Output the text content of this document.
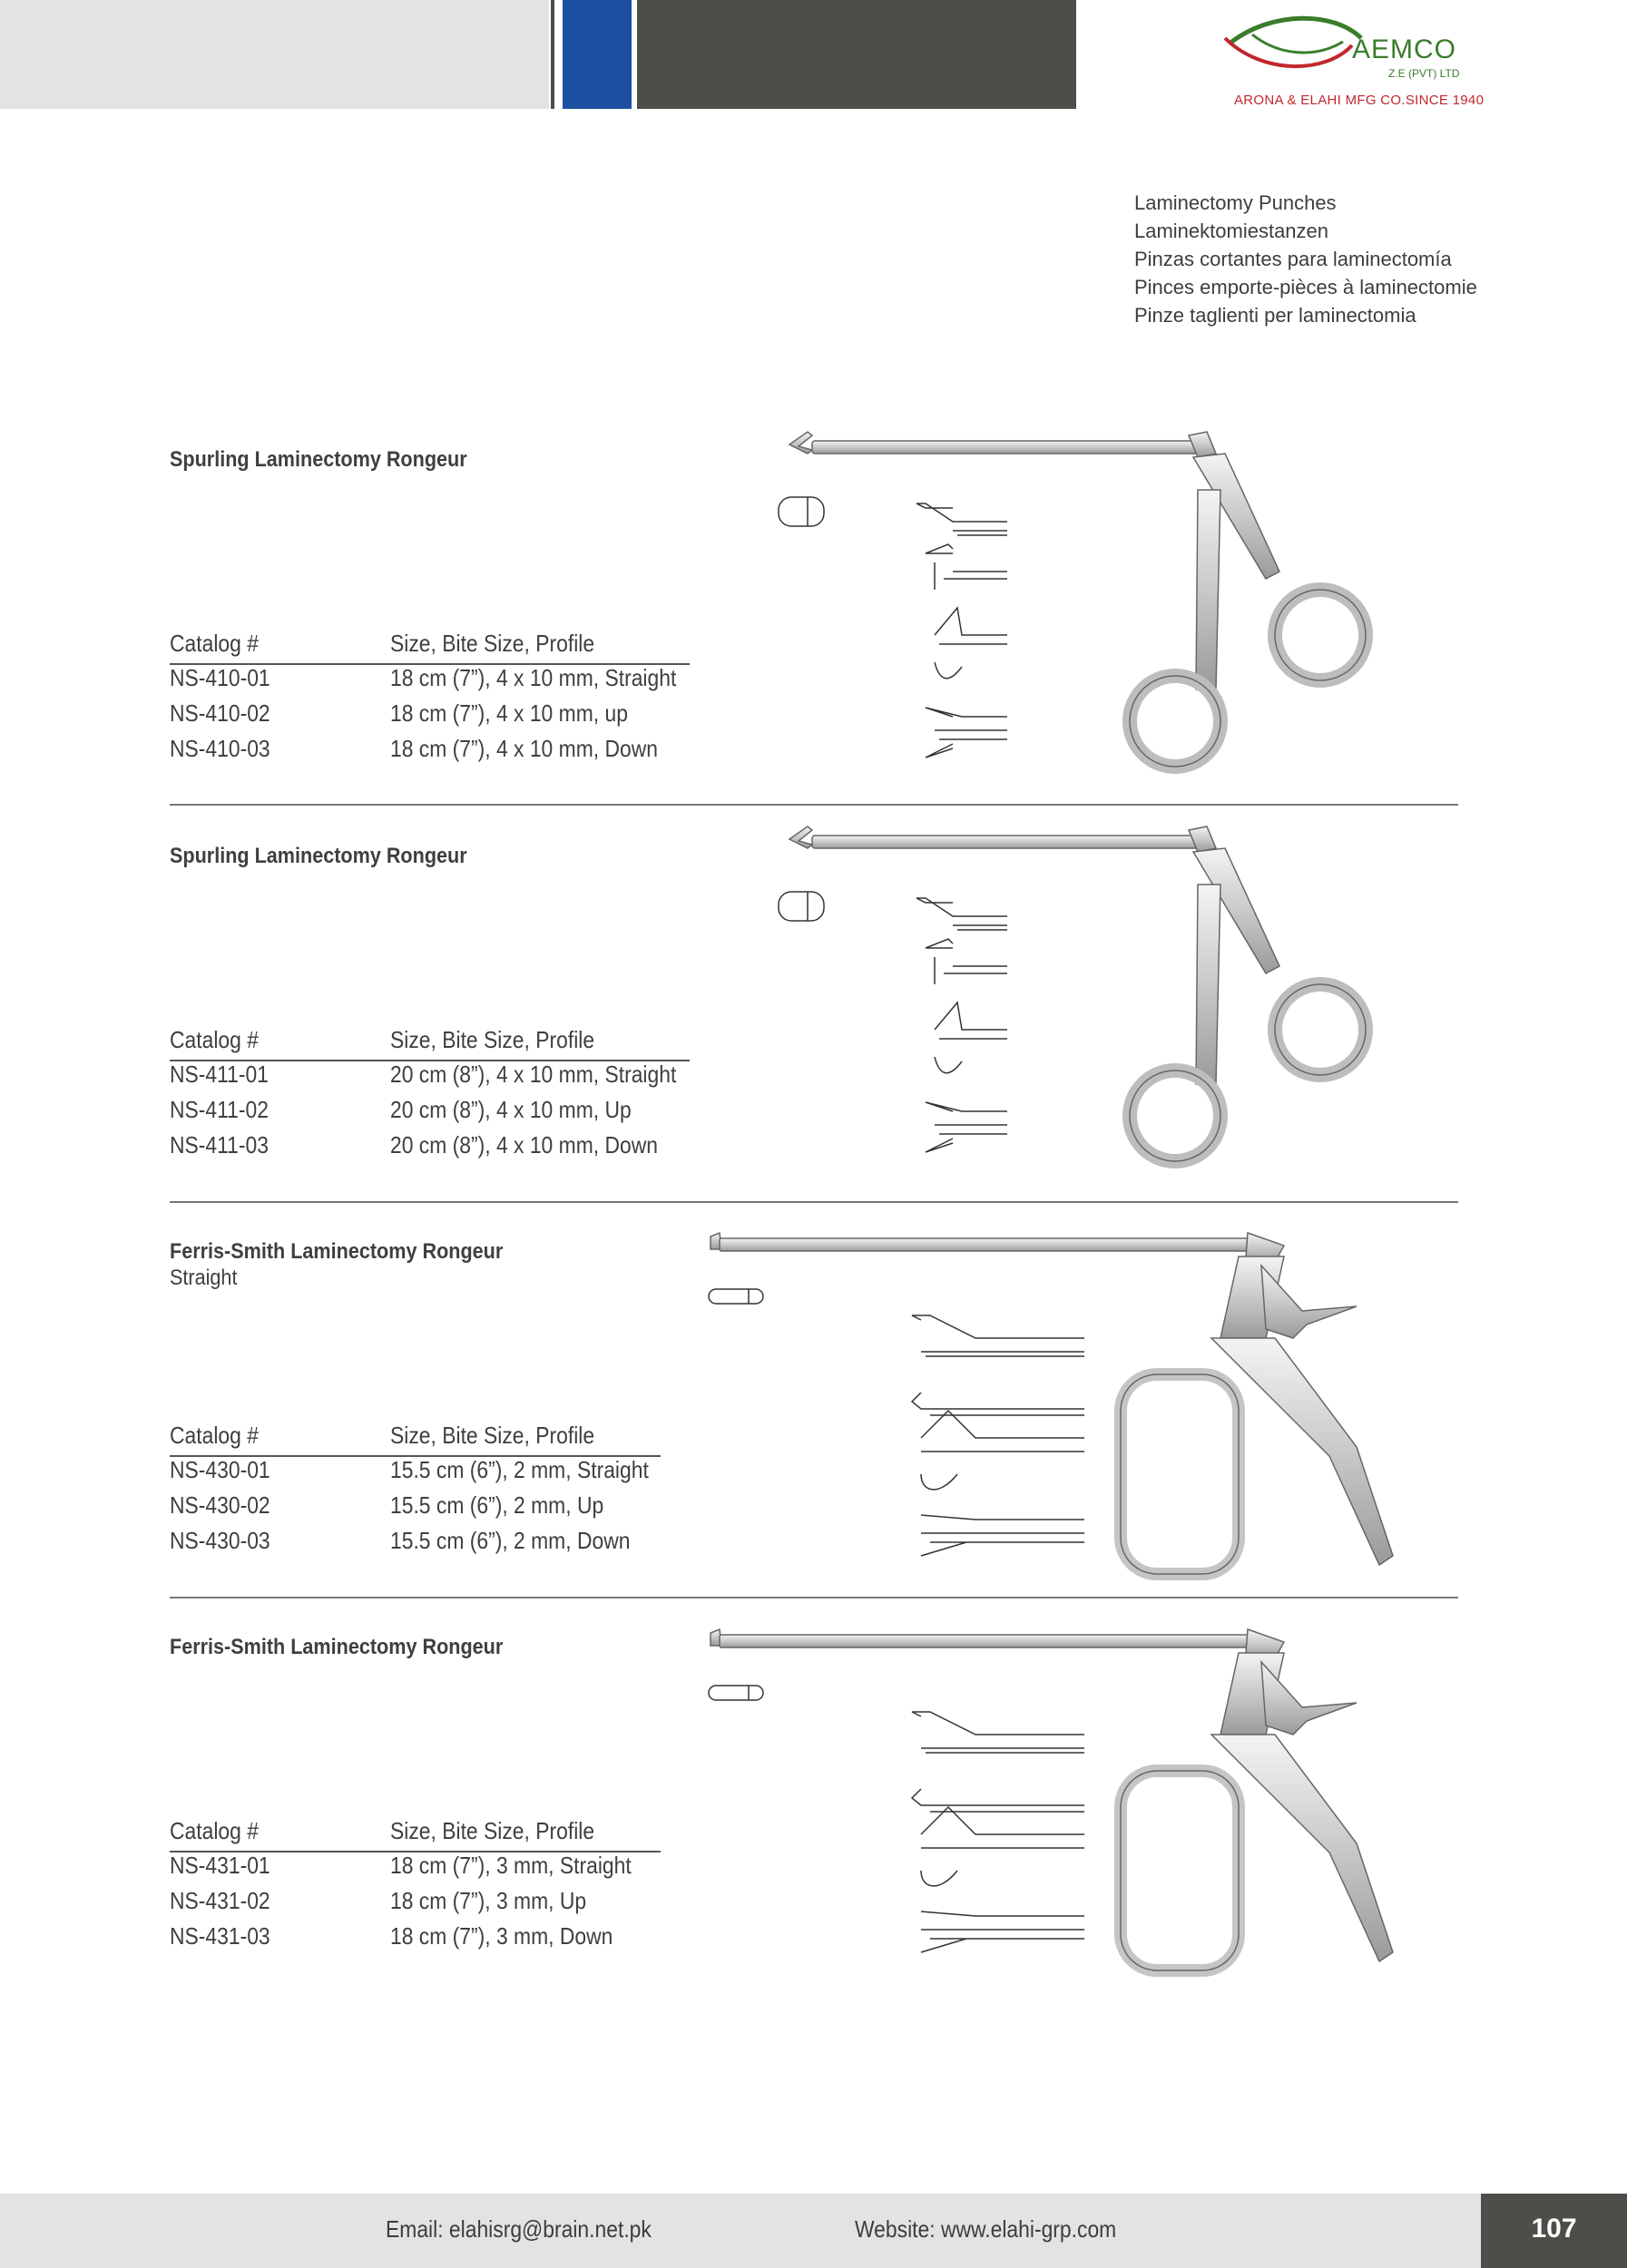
AEMCO
Z.E (PVT) LTD
ARONA & ELAHI MFG CO.SINCE 1940
Laminectomy Punches
Laminektomiestanzen
Pinzas cortantes para laminectomía
Pinces emporte-pièces à laminectomie
Pinze taglienti per laminectomia
Spurling Laminectomy Rongeur
Catalog #	Size, Bite Size, Profile
NS-410-01	18 cm (7”), 4 x 10 mm, Straight
NS-410-02	18 cm (7”), 4 x 10 mm, up
NS-410-03	18 cm (7”), 4 x 10 mm, Down
Spurling Laminectomy Rongeur
Catalog #	Size, Bite Size, Profile
NS-411-01	20 cm (8”), 4 x 10 mm, Straight
NS-411-02	20 cm (8”), 4 x 10 mm, Up
NS-411-03	20 cm (8”), 4 x 10 mm, Down
Ferris-Smith Laminectomy Rongeur
Straight
Catalog #	Size, Bite Size, Profile
NS-430-01	15.5 cm (6”), 2 mm, Straight
NS-430-02	15.5 cm (6”), 2 mm, Up
NS-430-03	15.5 cm (6”), 2 mm, Down
Ferris-Smith Laminectomy Rongeur
Catalog #	Size, Bite Size, Profile
NS-431-01	18 cm (7”), 3 mm, Straight
NS-431-02	18 cm (7”), 3 mm, Up
NS-431-03	18 cm (7”), 3 mm, Down
Email: elahisrg@brain.net.pk	Website: www.elahi-grp.com	107
